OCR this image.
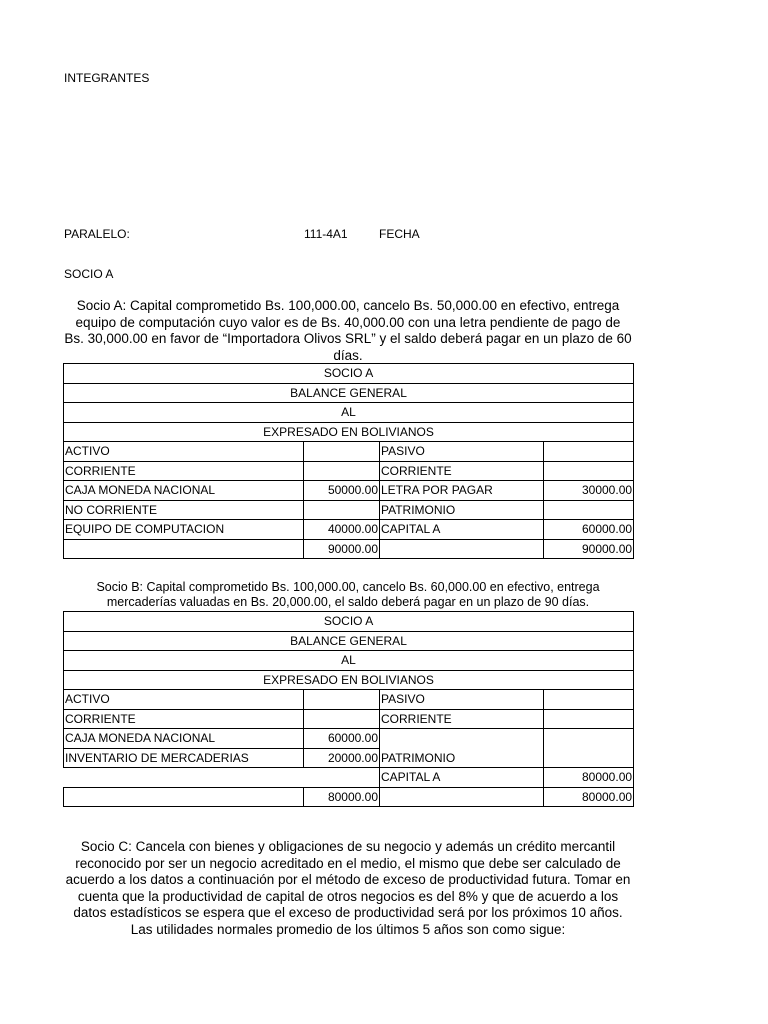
INTEGRANTES
PARALELO:	111-4A1	FECHA
SOCIO A
Socio A: Capital comprometido Bs. 100,000.00, cancelo Bs. 50,000.00 en efectivo, entrega equipo de computación cuyo valor es de Bs. 40,000.00 con una letra pendiente de pago de Bs. 30,000.00 en favor de “Importadora Olivos SRL” y el saldo deberá pagar en un plazo de 60 días.
SOCIO A			
BALANCE GENERAL			
AL			
EXPRESADO EN BOLIVIANOS			
ACTIVO		PASIVO	
CORRIENTE		CORRIENTE	
CAJA MONEDA NACIONAL	50000.00	LETRA POR PAGAR	30000.00
NO CORRIENTE		PATRIMONIO	
EQUIPO DE COMPUTACION	40000.00	CAPITAL A	60000.00
	90000.00		90000.00
Socio B: Capital comprometido Bs. 100,000.00, cancelo Bs. 60,000.00 en efectivo, entrega mercaderías valuadas en Bs. 20,000.00, el saldo deberá pagar en un plazo de 90 días.
SOCIO A			
BALANCE GENERAL			
AL			
EXPRESADO EN BOLIVIANOS			
ACTIVO		PASIVO	
CORRIENTE		CORRIENTE	
CAJA MONEDA NACIONAL	60000.00		
INVENTARIO DE MERCADERIAS	20000.00	PATRIMONIO	
		CAPITAL A	80000.00
	80000.00		80000.00
Socio C: Cancela con bienes y obligaciones de su negocio y además un crédito mercantil reconocido por ser un negocio acreditado en el medio, el mismo que debe ser calculado de acuerdo a los datos a continuación por el método de exceso de productividad futura. Tomar en cuenta que la productividad de capital de otros negocios es del 8% y que de acuerdo a los datos estadísticos se espera que el exceso de productividad será por los próximos 10 años. Las utilidades normales promedio de los últimos 5 años son como sigue:
